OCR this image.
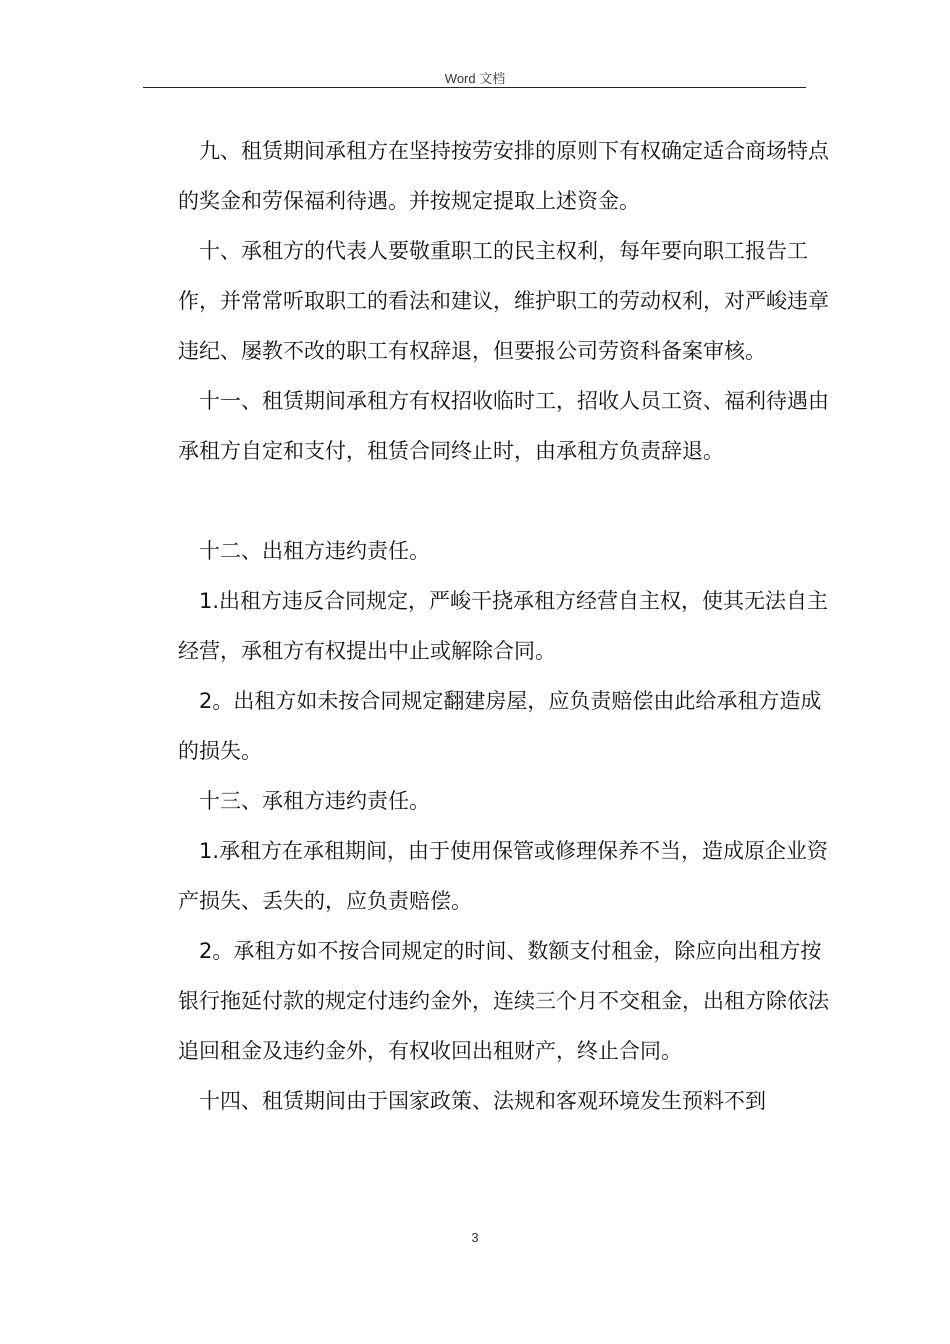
Word 文档

九、租赁期间承租方在坚持按劳安排的原则下有权确定适合商场特点的奖金和劳保福利待遇。并按规定提取上述资金。

十、承租方的代表人要敬重职工的民主权利，每年要向职工报告工作，并常常听取职工的看法和建议，维护职工的劳动权利，对严峻违章违纪、屡教不改的职工有权辞退，但要报公司劳资科备案审核。

十一、租赁期间承租方有权招收临时工，招收人员工资、福利待遇由承租方自定和支付，租赁合同终止时，由承租方负责辞退。

十二、出租方违约责任。

1.出租方违反合同规定，严峻干挠承租方经营自主权，使其无法自主经营，承租方有权提出中止或解除合同。

2。出租方如未按合同规定翻建房屋，应负责赔偿由此给承租方造成的损失。

十三、承租方违约责任。

1.承租方在承租期间，由于使用保管或修理保养不当，造成原企业资产损失、丢失的，应负责赔偿。

2。承租方如不按合同规定的时间、数额支付租金，除应向出租方按银行拖延付款的规定付违约金外，连续三个月不交租金，出租方除依法追回租金及违约金外，有权收回出租财产，终止合同。

十四、租赁期间由于国家政策、法规和客观环境发生预料不到

3
